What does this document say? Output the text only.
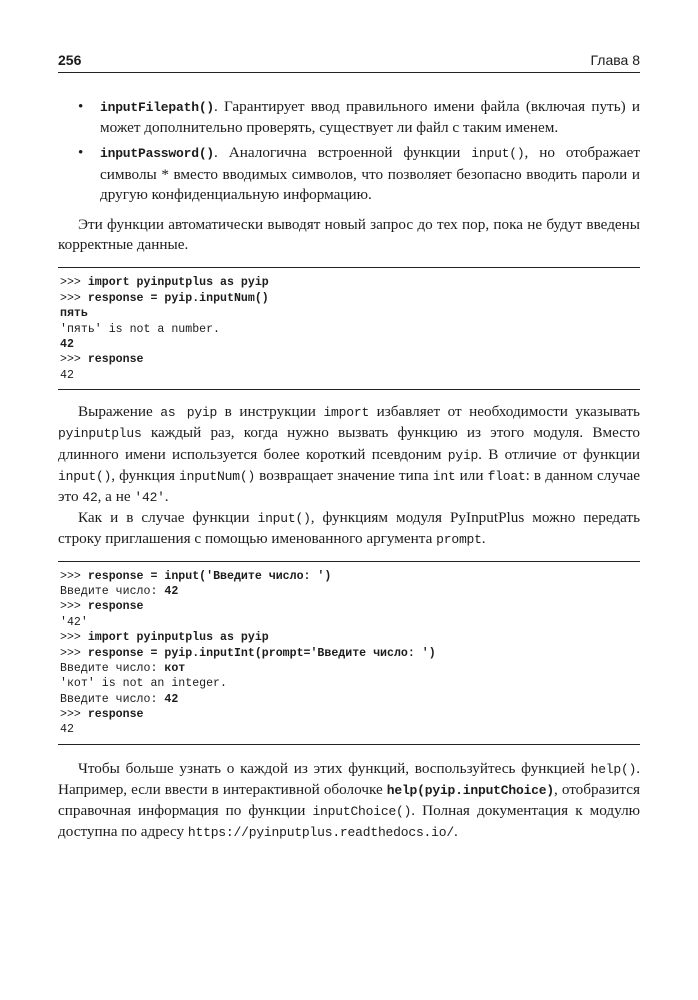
256	Глава 8
• inputFilepath(). Гарантирует ввод правильного имени файла (включая путь) и может дополнительно проверять, существует ли файл с таким именем.
• inputPassword(). Аналогична встроенной функции input(), но отображает символы * вместо вводимых символов, что позволяет безопасно вводить пароли и другую конфиденциальную информацию.

Эти функции автоматически выводят новый запрос до тех пор, пока не будут введены корректные данные.

>>> import pyinputplus as pyip
>>> response = pyip.inputNum()
пять
'пять' is not a number.
42
>>> response
42

Выражение as pyip в инструкции import избавляет от необходимости указывать pyinputplus каждый раз, когда нужно вызвать функцию из этого модуля. Вместо длинного имени используется более короткий псевдоним pyip. В отличие от функции input(), функция inputNum() возвращает значение типа int или float: в данном случае это 42, а не '42'.

Как и в случае функции input(), функциям модуля PyInputPlus можно передать строку приглашения с помощью именованного аргумента prompt.

>>> response = input('Введите число: ')
Введите число: 42
>>> response
'42'
>>> import pyinputplus as pyip
>>> response = pyip.inputInt(prompt='Введите число: ')
Введите число: кот
'кот' is not an integer.
Введите число: 42
>>> response
42

Чтобы больше узнать о каждой из этих функций, воспользуйтесь функцией help(). Например, если ввести в интерактивной оболочке help(pyip.inputChoice), отобразится справочная информация по функции inputChoice(). Полная документация к модулю доступна по адресу https://pyinputplus.readthedocs.io/.
